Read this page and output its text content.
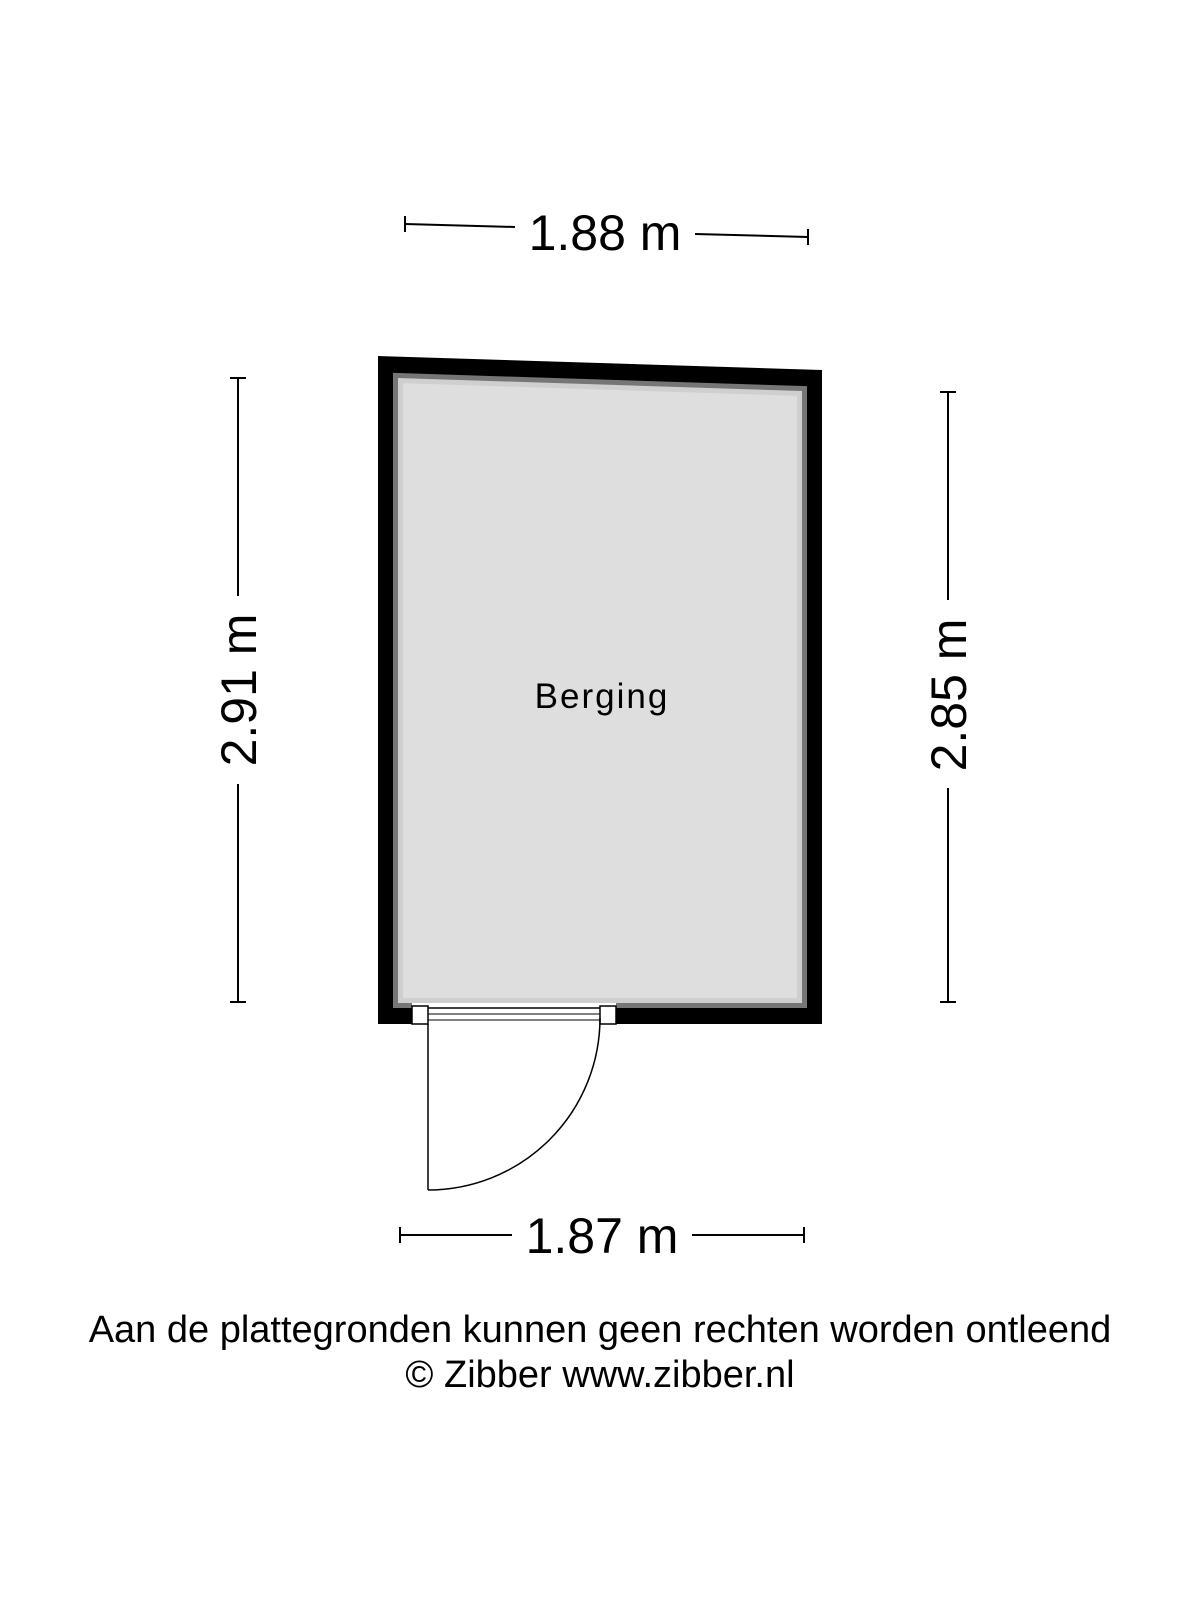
1.88 m
2.91 m	2.85 m
Berging
1.87 m
Aan de plattegronden kunnen geen rechten worden ontleend
© Zibber www.zibber.nl
